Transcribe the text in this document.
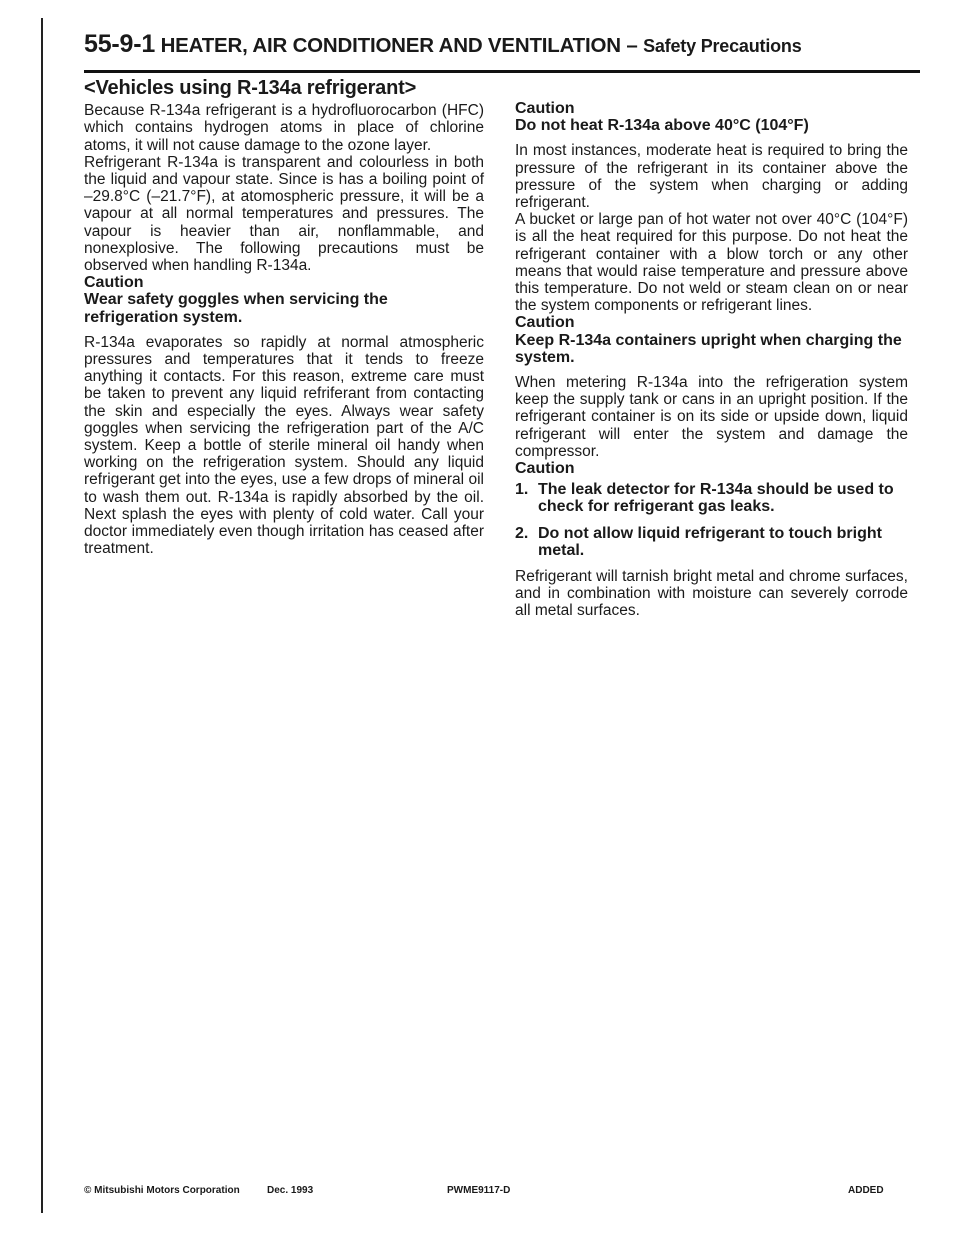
55-9-1 HEATER, AIR CONDITIONER AND VENTILATION – Safety Precautions
<Vehicles using R-134a refrigerant>

Because R-134a refrigerant is a hydrofluorocarbon (HFC) which contains hydrogen atoms in place of chlorine atoms, it will not cause damage to the ozone layer.

Refrigerant R-134a is transparent and colourless in both the liquid and vapour state. Since is has a boiling point of –29.8°C (–21.7°F), at atomospheric pressure, it will be a vapour at all normal temperatures and pressures. The vapour is heavier than air, nonflammable, and nonexplosive. The following precautions must be observed when handling R-134a.

Caution
Wear safety goggles when servicing the refrigeration system.

R-134a evaporates so rapidly at normal atmospheric pressures and temperatures that it tends to freeze anything it contacts. For this reason, extreme care must be taken to prevent any liquid refriferant from contacting the skin and especially the eyes. Always wear safety goggles when servicing the refrigeration part of the A/C system. Keep a bottle of sterile mineral oil handy when working on the refrigeration system. Should any liquid refrigerant get into the eyes, use a few drops of mineral oil to wash them out. R-134a is rapidly absorbed by the oil. Next splash the eyes with plenty of cold water. Call your doctor immediately even though irritation has ceased after treatment.

Caution
Do not heat R-134a above 40°C (104°F)

In most instances, moderate heat is required to bring the pressure of the refrigerant in its container above the pressure of the system when charging or adding refrigerant.

A bucket or large pan of hot water not over 40°C (104°F) is all the heat required for this purpose. Do not heat the refrigerant container with a blow torch or any other means that would raise temperature and pressure above this temperature. Do not weld or steam clean on or near the system components or refrigerant lines.

Caution
Keep R-134a containers upright when charging the system.

When metering R-134a into the refrigeration system keep the supply tank or cans in an upright position. If the refrigerant container is on its side or upside down, liquid refrigerant will enter the system and damage the compressor.

Caution
1. The leak detector for R-134a should be used to check for refrigerant gas leaks.
2. Do not allow liquid refrigerant to touch bright metal.

Refrigerant will tarnish bright metal and chrome surfaces, and in combination with moisture can severely corrode all metal surfaces.

© Mitsubishi Motors Corporation	Dec. 1993	PWME9117-D	ADDED
